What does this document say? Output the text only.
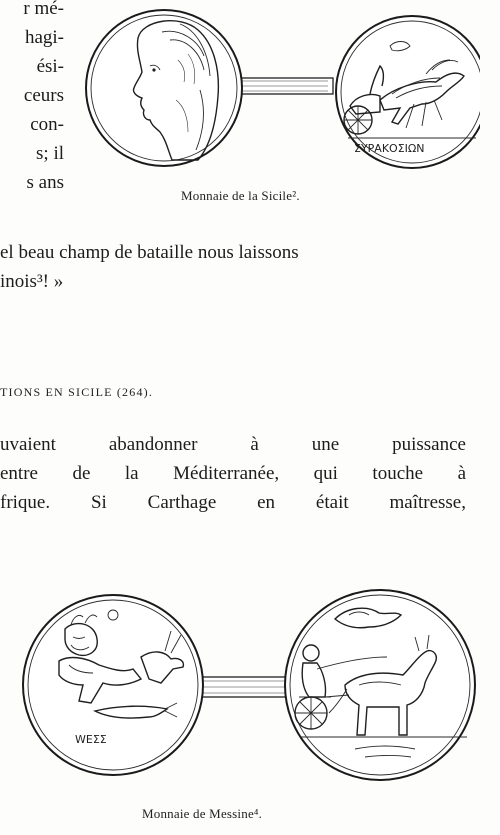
r mé-
hagi-
ési-
ceurs
con-
s; il
s ans
ΣΥΡΑΚΟΣΙΩΝ
Monnaie de la Sicile².
el beau champ de bataille nous laissons
inois³! »
TIONS EN SICILE (264).
uvaient abandonner à une puissance
entre de la Méditerranée, qui touche à
frique. Si Carthage en était maîtresse,
WEΣΣ
Monnaie de Messine⁴.
